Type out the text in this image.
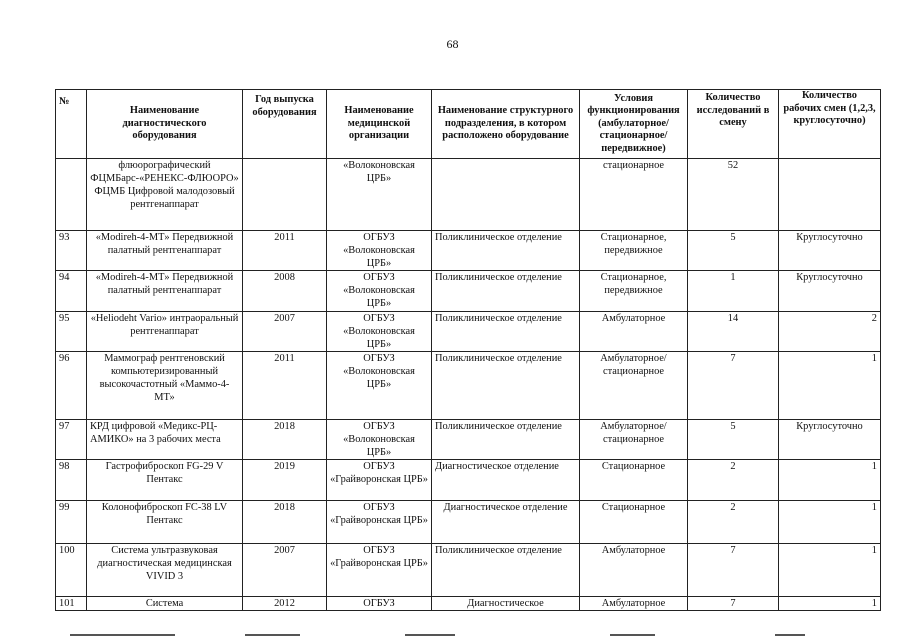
68
№	Наименование диагностического оборудования	Год выпуска оборудования	Наименование медицинской организации	Наименование структурного подразделения, в котором расположено оборудование	Условия функционирования (амбулаторное/ стационарное/ передвижное)	Количество исследований в смену	Количество рабочих смен (1,2,3, круглосуточно)
	флюорографический ФЦМБарс-«РЕНЕКС-ФЛЮОРО» ФЦМБ Цифровой малодозовый рентгенаппарат		«Волоконовская ЦРБ»		стационарное	52	
93	«Modireh-4-MT» Передвижной палатный рентгенаппарат	2011	ОГБУЗ «Волоконовская ЦРБ»	Поликлиническое отделение	Стационарное, передвижное	5	Круглосуточно
94	«Modireh-4-MT» Передвижной палатный рентгенаппарат	2008	ОГБУЗ «Волоконовская ЦРБ»	Поликлиническое отделение	Стационарное, передвижное	1	Круглосуточно
95	«Heliodeht Vario» интраоральный рентгенаппарат	2007	ОГБУЗ «Волоконовская ЦРБ»	Поликлиническое отделение	Амбулаторное	14	2
96	Маммограф рентгеновский компьютеризированный высокочастотный «Маммо-4-МТ»	2011	ОГБУЗ «Волоконовская ЦРБ»	Поликлиническое отделение	Амбулаторное/ стационарное	7	1
97	КРД цифровой «Медикс-РЦ-АМИКО» на 3 рабочих места	2018	ОГБУЗ «Волоконовская ЦРБ»	Поликлиническое отделение	Амбулаторное/ стационарное	5	Круглосуточно
98	Гастрофиброскоп FG-29 V Пентакс	2019	ОГБУЗ «Грайворонская ЦРБ»	Диагностическое отделение	Стационарное	2	1
99	Колонофиброскоп FC-38 LV Пентакс	2018	ОГБУЗ «Грайворонская ЦРБ»	Диагностическое отделение	Стационарное	2	1
100	Система ультразвуковая диагностическая медицинская VIVID 3	2007	ОГБУЗ «Грайворонская ЦРБ»	Поликлиническое отделение	Амбулаторное	7	1
101	Система	2012	ОГБУЗ	Диагностическое	Амбулаторное	7	1
